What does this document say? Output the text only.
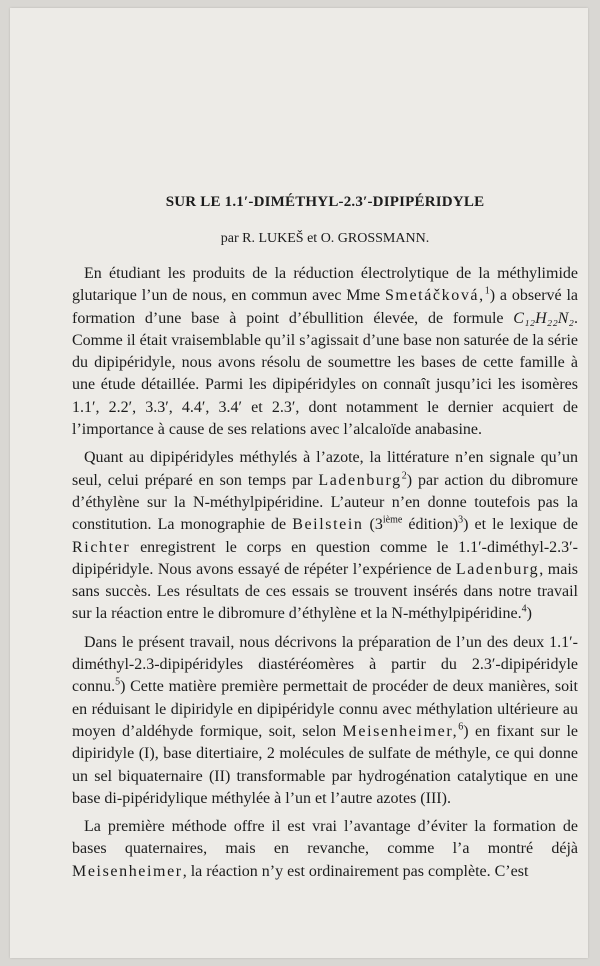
SUR LE 1.1′-DIMÉTHYL-2.3′-DIPIPÉRIDYLE
par R. LUKEŠ et O. GROSSMANN.

En étudiant les produits de la réduction électrolytique de la méthylimide glutarique l’un de nous, en commun avec Mme Smetáčková,$^1$) a observé la formation d’une base à point d’ébullition élevée, de formule C₁₂H₂₂N₂. Comme il était vraisemblable qu’il s’agissait d’une base non saturée de la série du dipipéridyle, nous avons résolu de soumettre les bases de cette famille à une étude détaillée. Parmi les dipipéridyles on connaît jusqu’ici les isomères 1.1′, 2.2′, 3.3′, 4.4′, 3.4′ et 2.3′, dont notamment le dernier acquiert de l’importance à cause de ses relations avec l’alcaloïde anabasine.

Quant au dipipéridyles méthylés à l’azote, la littérature n’en signale qu’un seul, celui préparé en son temps par Ladenburg$^2$) par action du dibromure d’éthylène sur la N-méthylpipéridine. L’auteur n’en donne toutefois pas la constitution. La monographie de Beilstein (3ième édition)$^3$) et le lexique de Richter enregistrent le corps en question comme le 1.1′-diméthyl-2.3′-dipipéridyle. Nous avons essayé de répéter l’expérience de Ladenburg, mais sans succès. Les résultats de ces essais se trouvent insérés dans notre travail sur la réaction entre le dibromure d’éthylène et la N-méthylpipéridine.$^4$)

Dans le présent travail, nous décrivons la préparation de l’un des deux 1.1′-diméthyl-2.3-dipipéridyles diastéréomères à partir du 2.3′-dipipéridyle connu.$^5$) Cette matière première permettait de procéder de deux manières, soit en réduisant le dipiridyle en dipipéridyle connu avec méthylation ultérieure au moyen d’aldéhyde formique, soit, selon Meisenheimer,$^6$) en fixant sur le dipiridyle (I), base ditertiaire, 2 molécules de sulfate de méthyle, ce qui donne un sel biquaternaire (II) transformable par hydrogénation catalytique en une base di-pipéridylique méthylée à l’un et l’autre azotes (III).

La première méthode offre il est vrai l’avantage d’éviter la formation de bases quaternaires, mais en revanche, comme l’a montré déjà Meisenheimer, la réaction n’y est ordinairement pas complète. C’est
